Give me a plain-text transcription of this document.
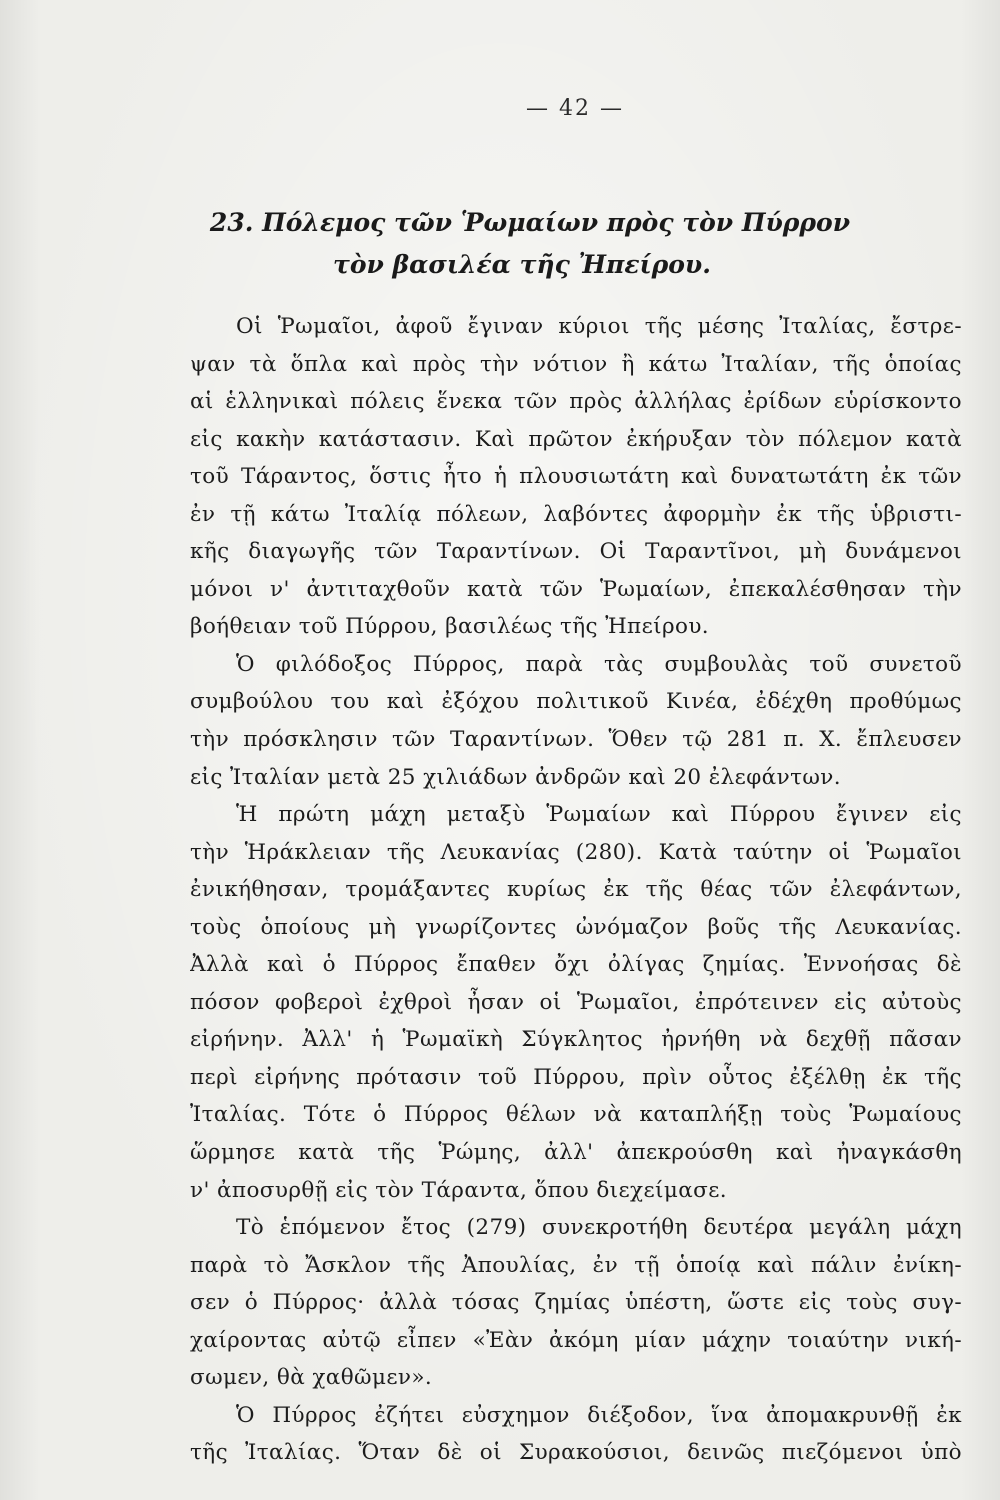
— 42 —
23. Πόλεμος τῶν Ῥωμαίων πρὸς τὸν Πύρρον
τὸν βασιλέα τῆς Ἠπείρου.
Οἱ Ῥωμαῖοι, ἀφοῦ ἔγιναν κύριοι τῆς μέσης Ἰταλίας, ἔστρε-
ψαν τὰ ὅπλα καὶ πρὸς τὴν νότιον ἢ κάτω Ἰταλίαν, τῆς ὁποίας
αἱ ἑλληνικαὶ πόλεις ἕνεκα τῶν πρὸς ἀλλήλας ἐρίδων εὑρίσκοντο
εἰς κακὴν κατάστασιν. Καὶ πρῶτον ἐκήρυξαν τὸν πόλεμον κατὰ
τοῦ Τάραντος, ὅστις ἦτο ἡ πλουσιωτάτη καὶ δυνατωτάτη ἐκ τῶν
ἐν τῇ κάτω Ἰταλίᾳ πόλεων, λαβόντες ἀφορμὴν ἐκ τῆς ὑβριστι-
κῆς διαγωγῆς τῶν Ταραντίνων. Οἱ Ταραντῖνοι, μὴ δυνάμενοι
μόνοι ν' ἀντιταχθοῦν κατὰ τῶν Ῥωμαίων, ἐπεκαλέσθησαν τὴν
βοήθειαν τοῦ Πύρρου, βασιλέως τῆς Ἠπείρου.
Ὁ φιλόδοξος Πύρρος, παρὰ τὰς συμβουλὰς τοῦ συνετοῦ
συμβούλου του καὶ ἐξόχου πολιτικοῦ Κινέα, ἐδέχθη προθύμως
τὴν πρόσκλησιν τῶν Ταραντίνων. Ὅθεν τῷ 281 π. Χ. ἔπλευσεν
εἰς Ἰταλίαν μετὰ 25 χιλιάδων ἀνδρῶν καὶ 20 ἐλεφάντων.
Ἡ πρώτη μάχη μεταξὺ Ῥωμαίων καὶ Πύρρου ἔγινεν εἰς
τὴν Ἡράκλειαν τῆς Λευκανίας (280). Κατὰ ταύτην οἱ Ῥωμαῖοι
ἐνικήθησαν, τρομάξαντες κυρίως ἐκ τῆς θέας τῶν ἐλεφάντων,
τοὺς ὁποίους μὴ γνωρίζοντες ὠνόμαζον βοῦς τῆς Λευκανίας.
Ἀλλὰ καὶ ὁ Πύρρος ἔπαθεν ὄχι ὀλίγας ζημίας. Ἐννοήσας δὲ
πόσον φοβεροὶ ἐχθροὶ ἦσαν οἱ Ῥωμαῖοι, ἐπρότεινεν εἰς αὐτοὺς
εἰρήνην. Ἀλλ' ἡ Ῥωμαϊκὴ Σύγκλητος ἠρνήθη νὰ δεχθῇ πᾶσαν
περὶ εἰρήνης πρότασιν τοῦ Πύρρου, πρὶν οὗτος ἐξέλθῃ ἐκ τῆς
Ἰταλίας. Τότε ὁ Πύρρος θέλων νὰ καταπλήξῃ τοὺς Ῥωμαίους
ὥρμησε κατὰ τῆς Ῥώμης, ἀλλ' ἀπεκρούσθη καὶ ἠναγκάσθη
ν' ἀποσυρθῇ εἰς τὸν Τάραντα, ὅπου διεχείμασε.
Τὸ ἑπόμενον ἔτος (279) συνεκροτήθη δευτέρα μεγάλη μάχη
παρὰ τὸ Ἄσκλον τῆς Ἀπουλίας, ἐν τῇ ὁποίᾳ καὶ πάλιν ἐνίκη-
σεν ὁ Πύρρος· ἀλλὰ τόσας ζημίας ὑπέστη, ὥστε εἰς τοὺς συγ-
χαίροντας αὐτῷ εἶπεν «Ἐὰν ἀκόμη μίαν μάχην τοιαύτην νική-
σωμεν, θὰ χαθῶμεν».
Ὁ Πύρρος ἐζήτει εὐσχημον διέξοδον, ἵνα ἀπομακρυνθῇ ἐκ
τῆς Ἰταλίας. Ὅταν δὲ οἱ Συρακούσιοι, δεινῶς πιεζόμενοι ὑπὸ
